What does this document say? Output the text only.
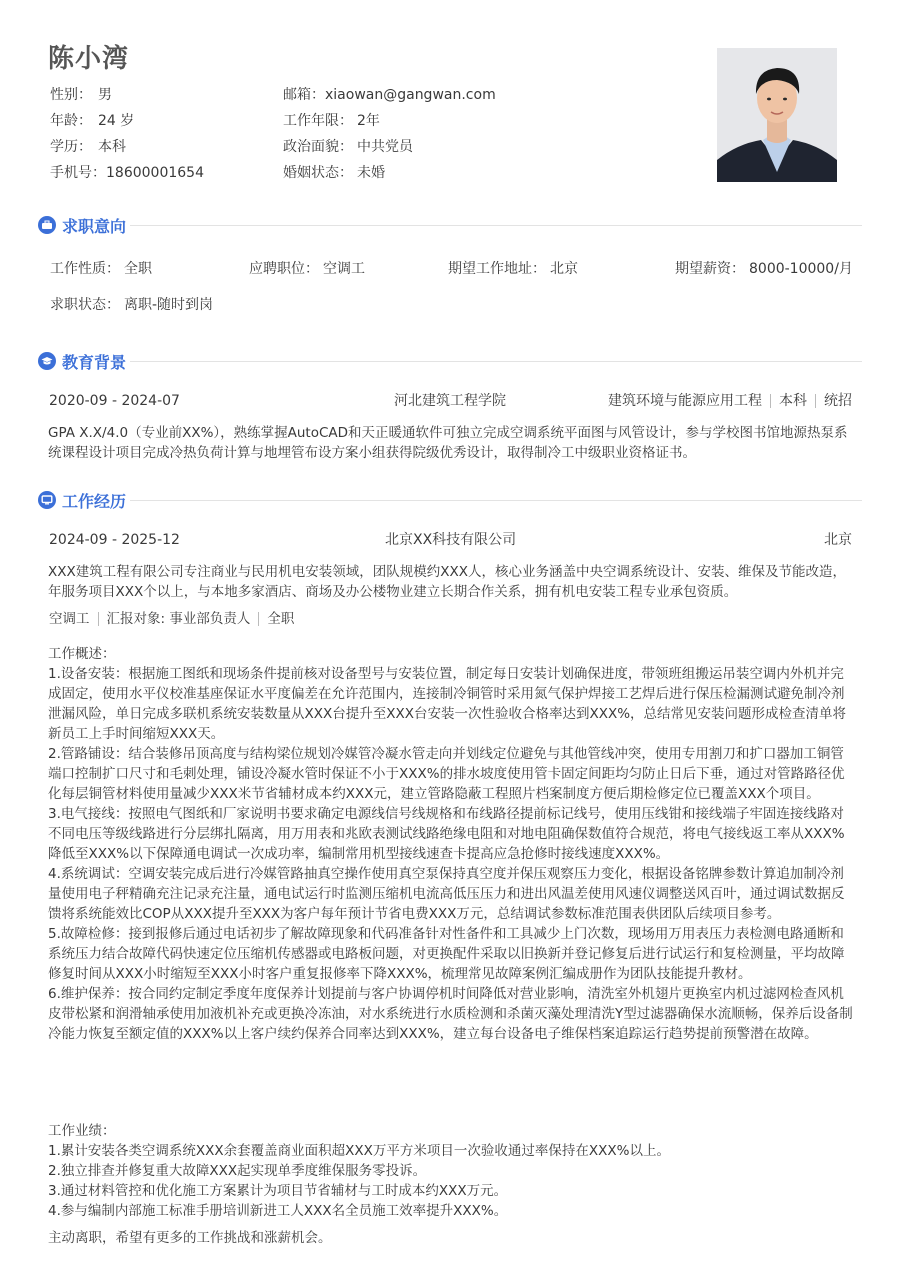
陈小湾
性别： 男
年龄： 24 岁
学历： 本科
手机号：18600001654
邮箱：xiaowan@gangwan.com
工作年限： 2年
政治面貌： 中共党员
婚姻状态： 未婚
求职意向
工作性质： 全职	应聘职位： 空调工	期望工作地址： 北京	期望薪资： 8000-10000/月
求职状态： 离职-随时到岗
教育背景
2020-09 - 2024-07	河北建筑工程学院	建筑环境与能源应用工程 本科 统招
GPA X.X/4.0（专业前XX%），熟练掌握AutoCAD和天正暖通软件可独立完成空调系统平面图与风管设计，参与学校图书馆地源热泵系统课程设计项目完成冷热负荷计算与地埋管布设方案小组获得院级优秀设计，取得制冷工中级职业资格证书。
工作经历
2024-09 - 2025-12	北京XX科技有限公司	北京
XXX建筑工程有限公司专注商业与民用机电安装领域，团队规模约XXX人，核心业务涵盖中央空调系统设计、安装、维保及节能改造，年服务项目XXX个以上，与本地多家酒店、商场及办公楼物业建立长期合作关系，拥有机电安装工程专业承包资质。
空调工 汇报对象: 事业部负责人 全职
工作概述：
1.设备安装：根据施工图纸和现场条件提前核对设备型号与安装位置，制定每日安装计划确保进度，带领班组搬运吊装空调内外机并完成固定，使用水平仪校准基座保证水平度偏差在允许范围内，连接制冷铜管时采用氮气保护焊接工艺焊后进行保压检漏测试避免制冷剂泄漏风险，单日完成多联机系统安装数量从XXX台提升至XXX台安装一次性验收合格率达到XXX%，总结常见安装问题形成检查清单将新员工上手时间缩短XXX天。
2.管路铺设：结合装修吊顶高度与结构梁位规划冷媒管冷凝水管走向并划线定位避免与其他管线冲突，使用专用割刀和扩口器加工铜管端口控制扩口尺寸和毛刺处理，铺设冷凝水管时保证不小于XXX%的排水坡度使用管卡固定间距均匀防止日后下垂，通过对管路路径优化每层铜管材料使用量减少XXX米节省辅材成本约XXX元，建立管路隐蔽工程照片档案制度方便后期检修定位已覆盖XXX个项目。
3.电气接线：按照电气图纸和厂家说明书要求确定电源线信号线规格和布线路径提前标记线号，使用压线钳和接线端子牢固连接线路对不同电压等级线路进行分层绑扎隔离，用万用表和兆欧表测试线路绝缘电阻和对地电阻确保数值符合规范，将电气接线返工率从XXX%降低至XXX%以下保障通电调试一次成功率，编制常用机型接线速查卡提高应急抢修时接线速度XXX%。
4.系统调试：空调安装完成后进行冷媒管路抽真空操作使用真空泵保持真空度并保压观察压力变化，根据设备铭牌参数计算追加制冷剂量使用电子秤精确充注记录充注量，通电试运行时监测压缩机电流高低压压力和进出风温差使用风速仪调整送风百叶，通过调试数据反馈将系统能效比COP从XXX提升至XXX为客户每年预计节省电费XXX万元，总结调试参数标准范围表供团队后续项目参考。
5.故障检修：接到报修后通过电话初步了解故障现象和代码准备针对性备件和工具减少上门次数，现场用万用表压力表检测电路通断和系统压力结合故障代码快速定位压缩机传感器或电路板问题，对更换配件采取以旧换新并登记修复后进行试运行和复检测量，平均故障修复时间从XXX小时缩短至XXX小时客户重复报修率下降XXX%，梳理常见故障案例汇编成册作为团队技能提升教材。
6.维护保养：按合同约定制定季度年度保养计划提前与客户协调停机时间降低对营业影响，清洗室外机翅片更换室内机过滤网检查风机皮带松紧和润滑轴承使用加液机补充或更换冷冻油，对水系统进行水质检测和杀菌灭藻处理清洗Y型过滤器确保水流顺畅，保养后设备制冷能力恢复至额定值的XXX%以上客户续约保养合同率达到XXX%，建立每台设备电子维保档案追踪运行趋势提前预警潜在故障。
工作业绩：
1.累计安装各类空调系统XXX余套覆盖商业面积超XXX万平方米项目一次验收通过率保持在XXX%以上。
2.独立排查并修复重大故障XXX起实现单季度维保服务零投诉。
3.通过材料管控和优化施工方案累计为项目节省辅材与工时成本约XXX万元。
4.参与编制内部施工标准手册培训新进工人XXX名全员施工效率提升XXX%。
主动离职，希望有更多的工作挑战和涨薪机会。
